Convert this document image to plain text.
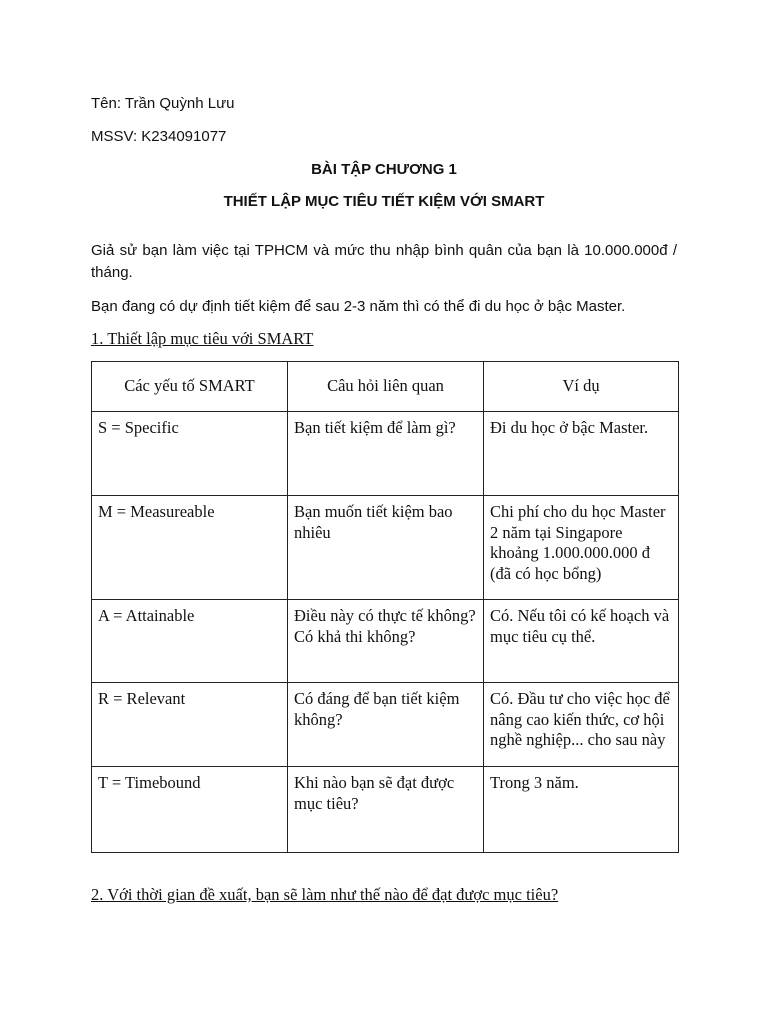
Tên: Trần Quỳnh Lưu
MSSV: K234091077
BÀI TẬP CHƯƠNG 1
THIẾT LẬP MỤC TIÊU TIẾT KIỆM VỚI SMART
Giả sử bạn làm việc tại TPHCM và mức thu nhập bình quân của bạn là 10.000.000đ / tháng.
Bạn đang có dự định tiết kiệm để sau 2-3 năm thì có thể đi du học ở bậc Master.
1. Thiết lập mục tiêu với SMART
Các yếu tố SMART	Câu hỏi liên quan	Ví dụ
S = Specific	Bạn tiết kiệm để làm gì?	Đi du học ở bậc Master.
M = Measureable	Bạn muốn tiết kiệm bao nhiêu	Chi phí cho du học Master 2 năm tại Singapore khoảng 1.000.000.000 đ (đã có học bổng)
A = Attainable	Điều này có thực tế không? Có khả thi không?	Có. Nếu tôi có kế hoạch và mục tiêu cụ thể.
R = Relevant	Có đáng để bạn tiết kiệm không?	Có. Đầu tư cho việc học để nâng cao kiến thức, cơ hội nghề nghiệp... cho sau này
T = Timebound	Khi nào bạn sẽ đạt được mục tiêu?	Trong 3 năm.
2. Với thời gian đề xuất, bạn sẽ làm như thế nào để đạt được mục tiêu?
